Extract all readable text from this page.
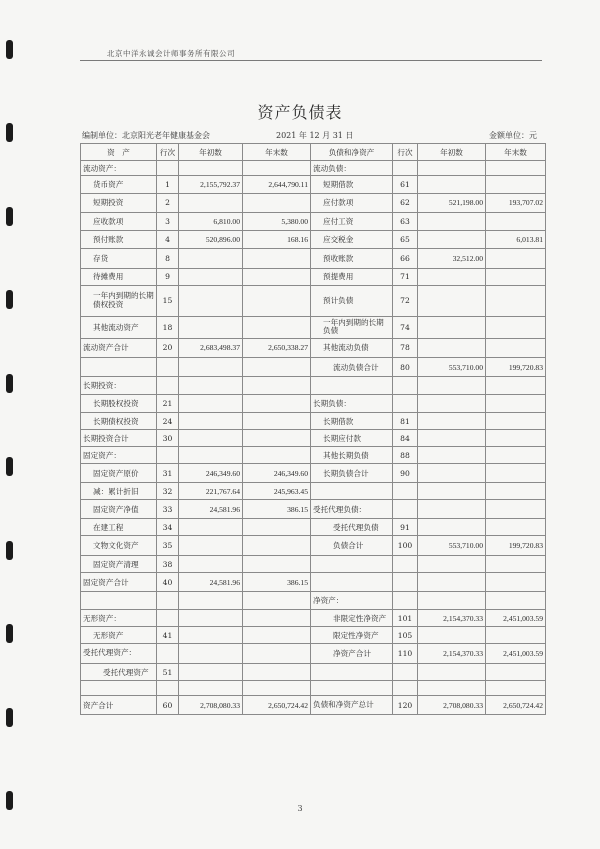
北京中洋永诚会计师事务所有限公司
资产负债表
编制单位：北京阳光老年健康基金会	2021 年 12 月 31 日	金额单位：元
资　产	行次	年初数	年末数	负债和净资产	行次	年初数	年末数
流动资产：				流动负债：			
货币资产	1	2,155,792.37	2,644,790.11	短期借款	61		
短期投资	2			应付款项	62	521,198.00	193,707.02
应收款项	3	6,810.00	5,380.00	应付工资	63		
预付账款	4	520,896.00	168.16	应交税金	65		6,013.81
存货	8			预收账款	66	32,512.00	
待摊费用	9			预提费用	71		
一年内到期的长期债权投资	15			预计负债	72		
其他流动资产	18			一年内到期的长期负债	74		
流动资产合计	20	2,683,498.37	2,650,338.27	其他流动负债	78		
				流动负债合计	80	553,710.00	199,720.83
长期投资：							
长期股权投资	21			长期负债：			
长期债权投资	24			长期借款	81		
长期投资合计	30			长期应付款	84		
固定资产：				其他长期负债	88		
固定资产原价	31	246,349.60	246,349.60	长期负债合计	90		
减：累计折旧	32	221,767.64	245,963.45				
固定资产净值	33	24,581.96	386.15	受托代理负债：			
在建工程	34			受托代理负债	91		
文物文化资产	35			负债合计	100	553,710.00	199,720.83
固定资产清理	38						
固定资产合计	40	24,581.96	386.15				
				净资产：			
无形资产：				非限定性净资产	101	2,154,370.33	2,451,003.59
无形资产	41			限定性净资产	105		
受托代理资产：				净资产合计	110	2,154,370.33	2,451,003.59
受托代理资产	51						

资产合计	60	2,708,080.33	2,650,724.42	负债和净资产总计	120	2,708,080.33	2,650,724.42
3
